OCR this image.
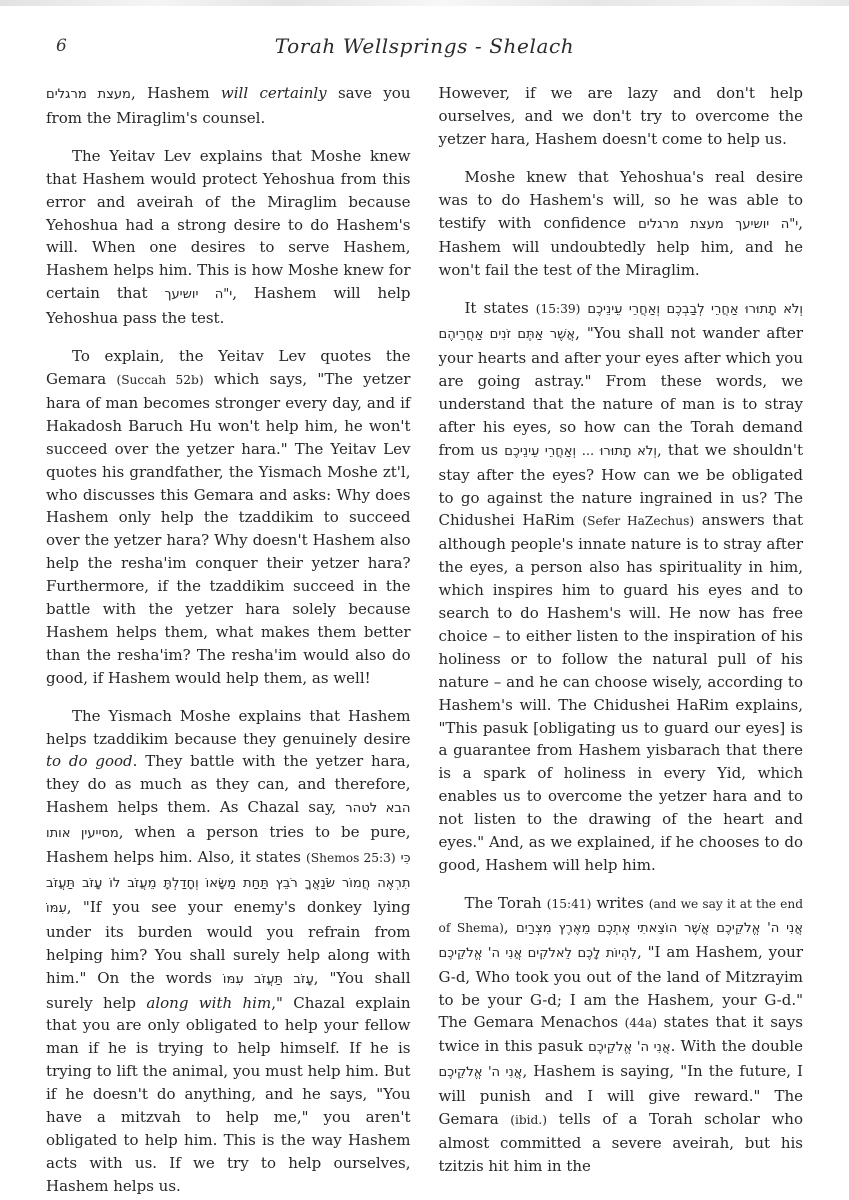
6	Torah Wellsprings - Shelach

מעצת מרגלים, Hashem will certainly save you from the Miraglim's counsel.

The Yeitav Lev explains that Moshe knew that Hashem would protect Yehoshua from this error and aveirah of the Miraglim because Yehoshua had a strong desire to do Hashem's will. When one desires to serve Hashem, Hashem helps him. This is how Moshe knew for certain that י"ה יושיעך, Hashem will help Yehoshua pass the test.

To explain, the Yeitav Lev quotes the Gemara (Succah 52b) which says, "The yetzer hara of man becomes stronger every day, and if Hakadosh Baruch Hu won't help him, he won't succeed over the yetzer hara." The Yeitav Lev quotes his grandfather, the Yismach Moshe zt'l, who discusses this Gemara and asks: Why does Hashem only help the tzaddikim to succeed over the yetzer hara? Why doesn't Hashem also help the resha'im conquer their yetzer hara? Furthermore, if the tzaddikim succeed in the battle with the yetzer hara solely because Hashem helps them, what makes them better than the resha'im? The resha'im would also do good, if Hashem would help them, as well!

The Yismach Moshe explains that Hashem helps tzaddikim because they genuinely desire to do good. They battle with the yetzer hara, they do as much as they can, and therefore, Hashem helps them. As Chazal say, הבא לטהר מסייעין אותו, when a person tries to be pure, Hashem helps him. Also, it states (Shemos 25:3) כִּי תִרְאֶה חֲמוֹר שֹׂנַאֲךָ רֹבֵץ תַּחַת מַשָּׂאוֹ וְחָדַלְתָּ מֵעֲזֹב לוֹ עָזֹב תַּעֲזֹב עִמּוֹ, "If you see your enemy's donkey lying under its burden would you refrain from helping him? You shall surely help along with him." On the words עָזֹב תַּעֲזֹב עִמּוֹ, "You shall surely help along with him," Chazal explain that you are only obligated to help your fellow man if he is trying to help himself. If he is trying to lift the animal, you must help him. But if he doesn't do anything, and he says, "You have a mitzvah to help me," you aren't obligated to help him. This is the way Hashem acts with us. If we try to help ourselves, Hashem helps us.

However, if we are lazy and don't help ourselves, and we don't try to overcome the yetzer hara, Hashem doesn't come to help us.

Moshe knew that Yehoshua's real desire was to do Hashem's will, so he was able to testify with confidence י"ה יושיעך מעצת מרגלים, Hashem will undoubtedly help him, and he won't fail the test of the Miraglim.

It states (15:39) וְלֹא תָתוּרוּ אַחֲרֵי לְבַבְכֶם וְאַחֲרֵי עֵינֵיכֶם אֲשֶׁר אַתֶּם זֹנִים אַחֲרֵיהֶם, "You shall not wander after your hearts and after your eyes after which you are going astray." From these words, we understand that the nature of man is to stray after his eyes, so how can the Torah demand from us וְלֹא תָתוּרוּ ... וְאַחֲרֵי עֵינֵיכֶם, that we shouldn't stay after the eyes? How can we be obligated to go against the nature ingrained in us? The Chidushei HaRim (Sefer HaZechus) answers that although people's innate nature is to stray after the eyes, a person also has spirituality in him, which inspires him to guard his eyes and to search to do Hashem's will. He now has free choice – to either listen to the inspiration of his holiness or to follow the natural pull of his nature – and he can choose wisely, according to Hashem's will. The Chidushei HaRim explains, "This pasuk [obligating us to guard our eyes] is a guarantee from Hashem yisbarach that there is a spark of holiness in every Yid, which enables us to overcome the yetzer hara and to not listen to the drawing of the heart and eyes." And, as we explained, if he chooses to do good, Hashem will help him.

The Torah (15:41) writes (and we say it at the end of Shema), אֲנִי ה' אֱלֹקֵיכֶם אֲשֶׁר הוֹצֵאתִי אֶתְכֶם מֵאֶרֶץ מִצְרַיִם לִהְיוֹת לָכֶם לֵאלֹקִים אֲנִי ה' אֱלֹקֵיכֶם, "I am Hashem, your G-d, Who took you out of the land of Mitzrayim to be your G-d; I am the Hashem, your G-d." The Gemara Menachos (44a) states that it says twice in this pasuk אֲנִי ה' אֱלֹקֵיכֶם. With the double אֲנִי ה' אֱלֹקֵיכֶם, Hashem is saying, "In the future, I will punish and I will give reward." The Gemara (ibid.) tells of a Torah scholar who almost committed a severe aveirah, but his tzitzis hit him in the
